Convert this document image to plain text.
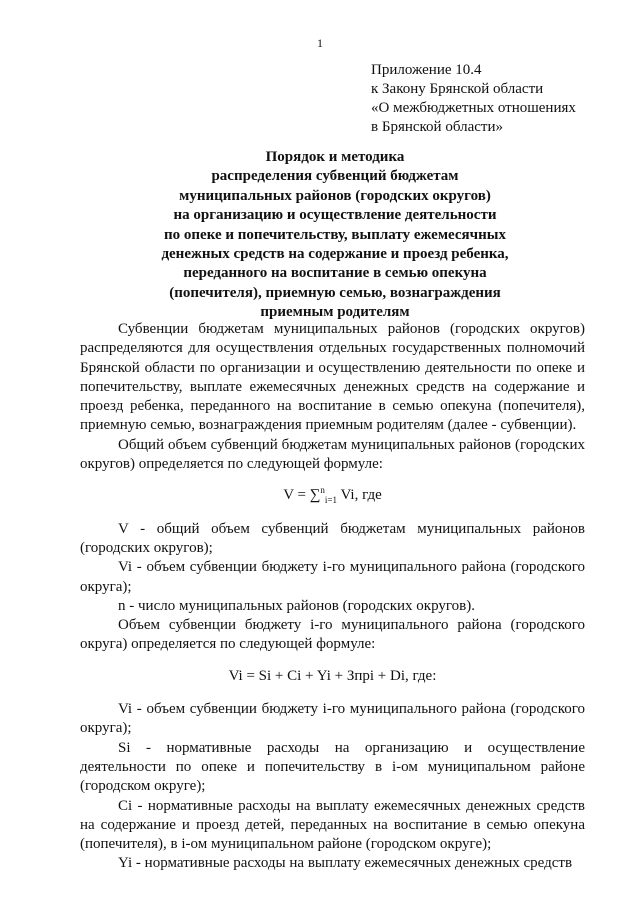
1
Приложение 10.4
к Закону Брянской области
«О межбюджетных отношениях
в Брянской области»
Порядок и методика
распределения субвенций бюджетам
муниципальных районов (городских округов)
на организацию и осуществление деятельности
по опеке и попечительству, выплату ежемесячных
денежных средств на содержание и проезд ребенка,
переданного на воспитание в семью опекуна
(попечителя), приемную семью, вознаграждения
приемным родителям

Субвенции бюджетам муниципальных районов (городских округов) распределяются для осуществления отдельных государственных полномочий Брянской области по организации и осуществлению деятельности по опеке и попечительству, выплате ежемесячных денежных средств на содержание и проезд ребенка, переданного на воспитание в семью опекуна (попечителя), приемную семью, вознаграждения приемным родителям (далее - субвенции).

Общий объем субвенций бюджетам муниципальных районов (городских округов) определяется по следующей формуле:

V = ∑$^n_{i=1}$ Vi, где

V - общий объем субвенций бюджетам муниципальных районов (городских округов);

Vi - объем субвенции бюджету i-го муниципального района (городского округа);

n - число муниципальных районов (городских округов).

Объем субвенции бюджету i-го муниципального района (городского округа) определяется по следующей формуле:

Vi = Si + Ci + Yi + Зпрi + Di, где:

Vi - объем субвенции бюджету i-го муниципального района (городского округа);

Si - нормативные расходы на организацию и осуществление деятельности по опеке и попечительству в i-ом муниципальном районе (городском округе);

Ci - нормативные расходы на выплату ежемесячных денежных средств на содержание и проезд детей, переданных на воспитание в семью опекуна (попечителя), в i-ом муниципальном районе (городском округе);

Yi - нормативные расходы на выплату ежемесячных денежных средств
